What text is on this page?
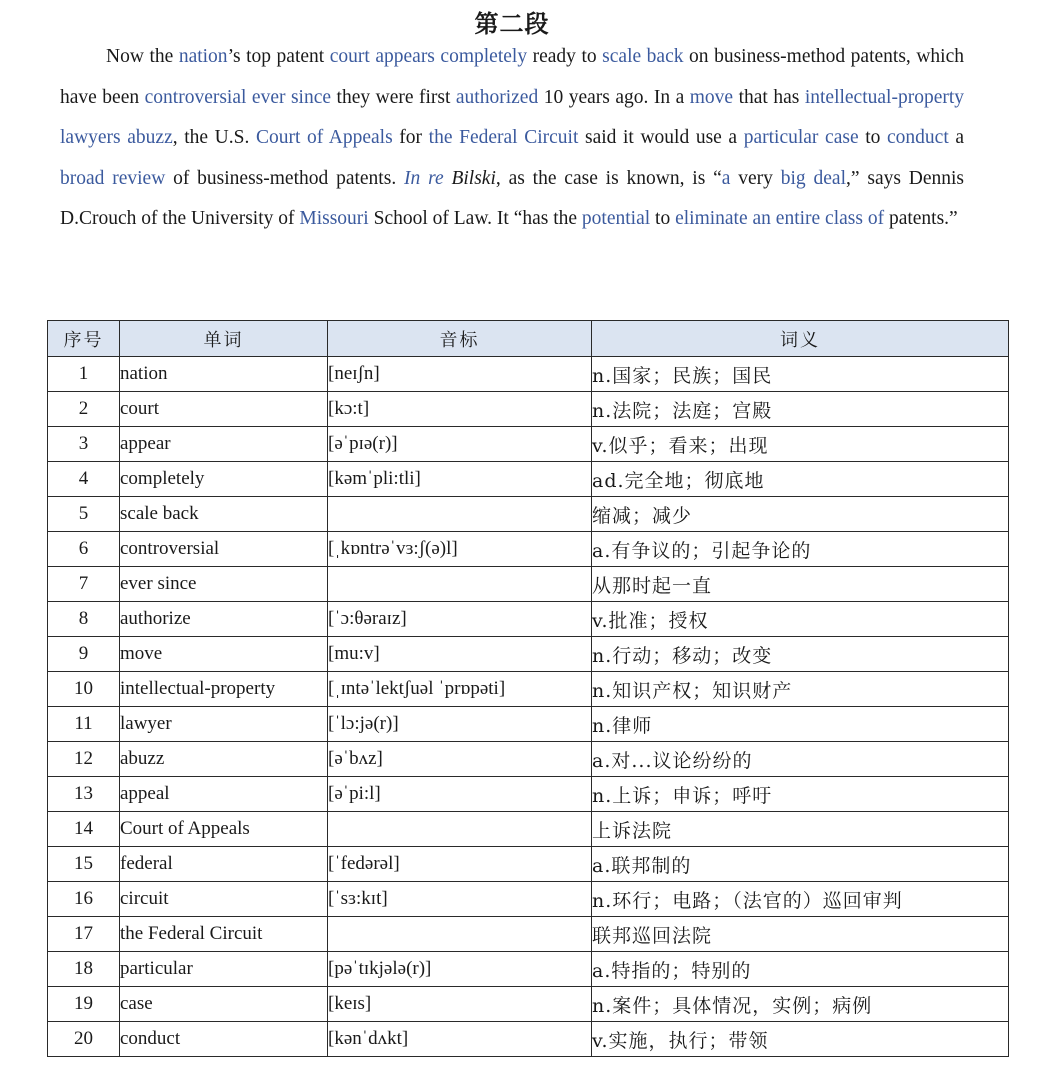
第二段

Now the nation’s top patent court appears completely ready to scale back on business-method patents, which have been controversial ever since they were first authorized 10 years ago. In a move that has intellectual-property lawyers abuzz, the U.S. Court of Appeals for the Federal Circuit said it would use a particular case to conduct a broad review of business-method patents. In re Bilski, as the case is known, is “a very big deal,” says Dennis D.Crouch of the University of Missouri School of Law. It “has the potential to eliminate an entire class of patents.”

序号	单词	音标	词义
1	nation	[neɪʃn]	n.国家；民族；国民
2	court	[kɔ:t]	n.法院；法庭；宫殿
3	appear	[əˈpɪə(r)]	v.似乎；看来；出现
4	completely	[kəmˈpli:tli]	ad.完全地；彻底地
5	scale back		缩减；减少
6	controversial	[ˌkɒntrəˈvɜ:ʃ(ə)l]	a.有争议的；引起争论的
7	ever since		从那时起一直
8	authorize	[ˈɔ:θəraɪz]	v.批准；授权
9	move	[mu:v]	n.行动；移动；改变
10	intellectual-property	[ˌɪntəˈlektʃuəl ˈprɒpəti]	n.知识产权；知识财产
11	lawyer	[ˈlɔ:jə(r)]	n.律师
12	abuzz	[əˈbʌz]	a.对...议论纷纷的
13	appeal	[əˈpi:l]	n.上诉；申诉；呼吁
14	Court of Appeals		上诉法院
15	federal	[ˈfedərəl]	a.联邦制的
16	circuit	[ˈsɜ:kɪt]	n.环行；电路；（法官的）巡回审判
17	the Federal Circuit		联邦巡回法院
18	particular	[pəˈtɪkjələ(r)]	a.特指的；特别的
19	case	[keɪs]	n.案件；具体情况，实例；病例
20	conduct	[kənˈdʌkt]	v.实施，执行；带领
